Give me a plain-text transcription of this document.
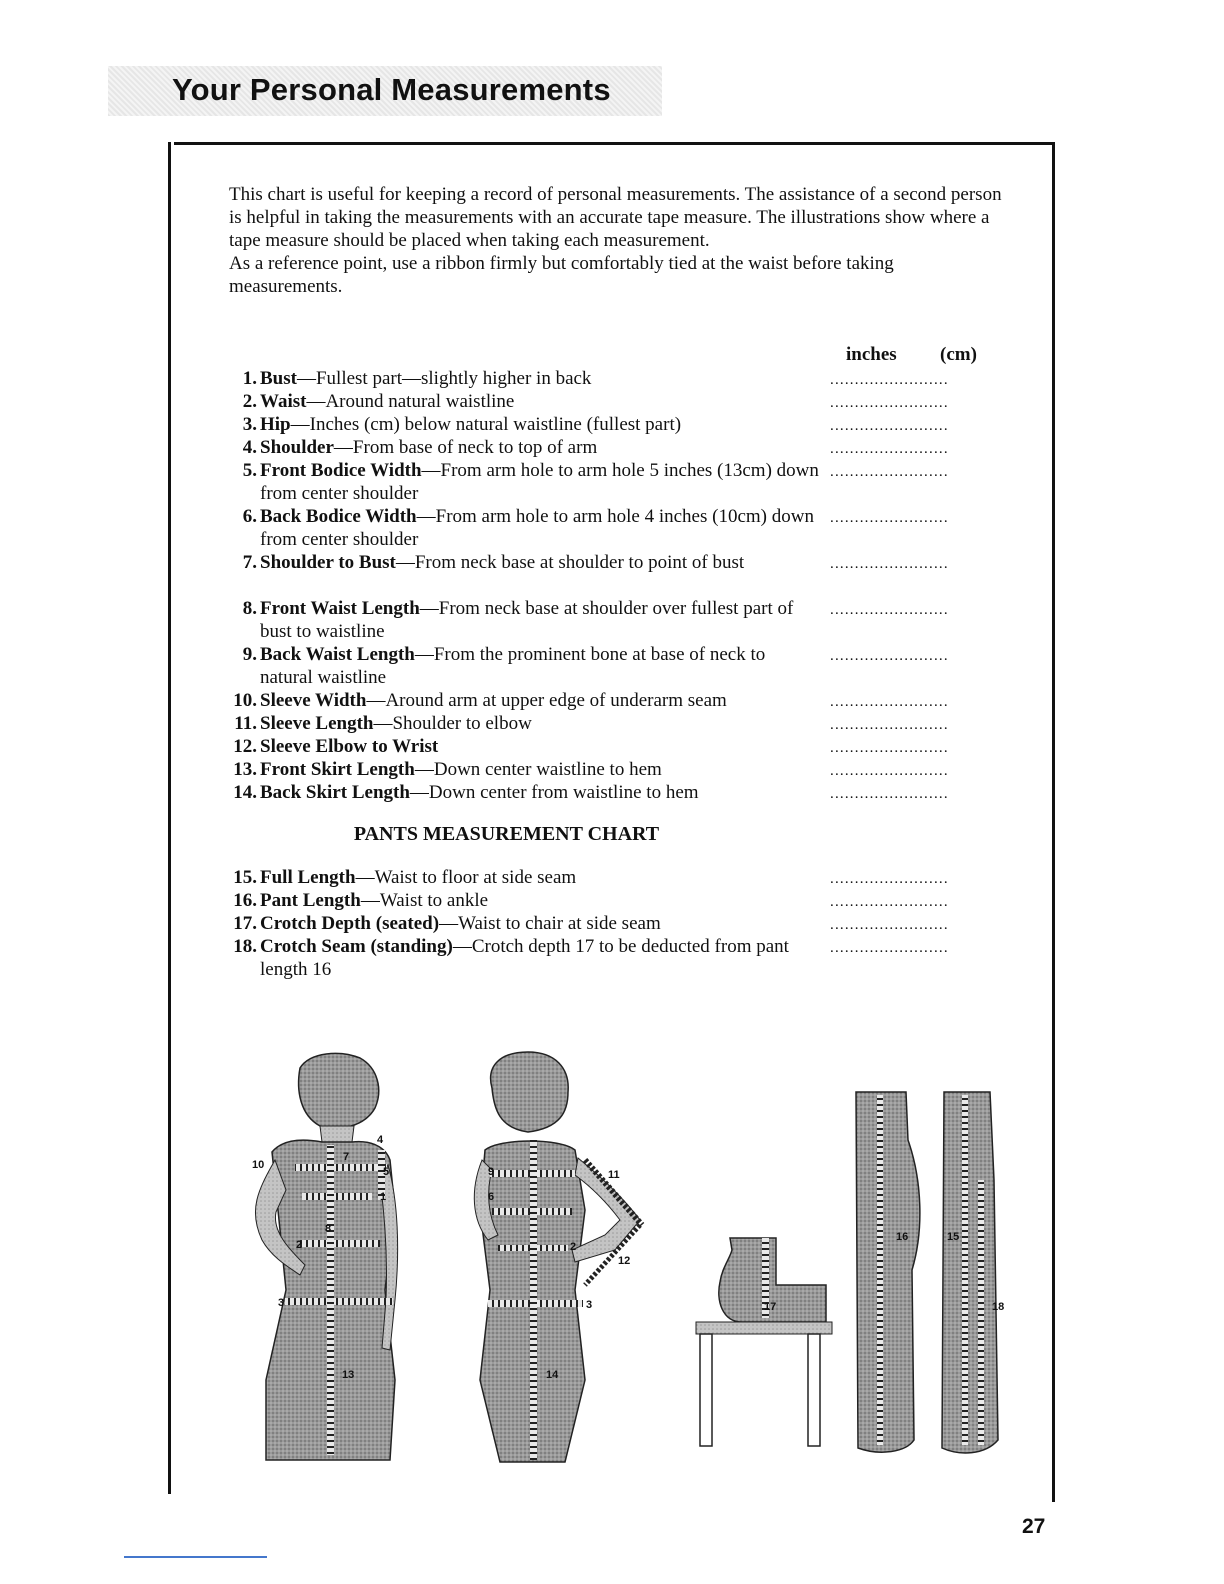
Your Personal Measurements

This chart is useful for keeping a record of personal measurements. The assistance of a second person is helpful in taking the measurements with an accurate tape measure. The illustrations show where a tape measure should be placed when taking each measurement.

As a reference point, use a ribbon firmly but comfortably tied at the waist before taking measurements.

inches (cm)
1. Bust—Fullest part—slightly higher in back	........................
2. Waist—Around natural waistline	........................
3. Hip—Inches (cm) below natural waistline (fullest part)	........................
4. Shoulder—From base of neck to top of arm	........................
5. Front Bodice Width—From arm hole to arm hole 5 inches (13cm) down from center shoulder
........................
6. Back Bodice Width—From arm hole to arm hole 4 inches (10cm) down from center shoulder
........................
7. Shoulder to Bust—From neck base at shoulder to point of bust	........................
8. Front Waist Length—From neck base at shoulder over fullest part of bust to waistline
........................
9. Back Waist Length—From the prominent bone at base of neck to natural waistline
........................
10. Sleeve Width—Around arm at upper edge of underarm seam	........................
11. Sleeve Length—Shoulder to elbow	........................
12. Sleeve Elbow to Wrist	........................
13. Front Skirt Length—Down center waistline to hem	........................
14. Back Skirt Length—Down center from waistline to hem	........................
PANTS MEASUREMENT CHART
15. Full Length—Waist to floor at side seam	........................
16. Pant Length—Waist to ankle	........................
17. Crotch Depth (seated)—Waist to chair at side seam	........................
18. Crotch Seam (standing)—Crotch depth 17 to be deducted from pant length 16
........................
10
4
7
5
1
8
2
3
13
9
6
11
2
12
3
14
17
16	15
18
27
